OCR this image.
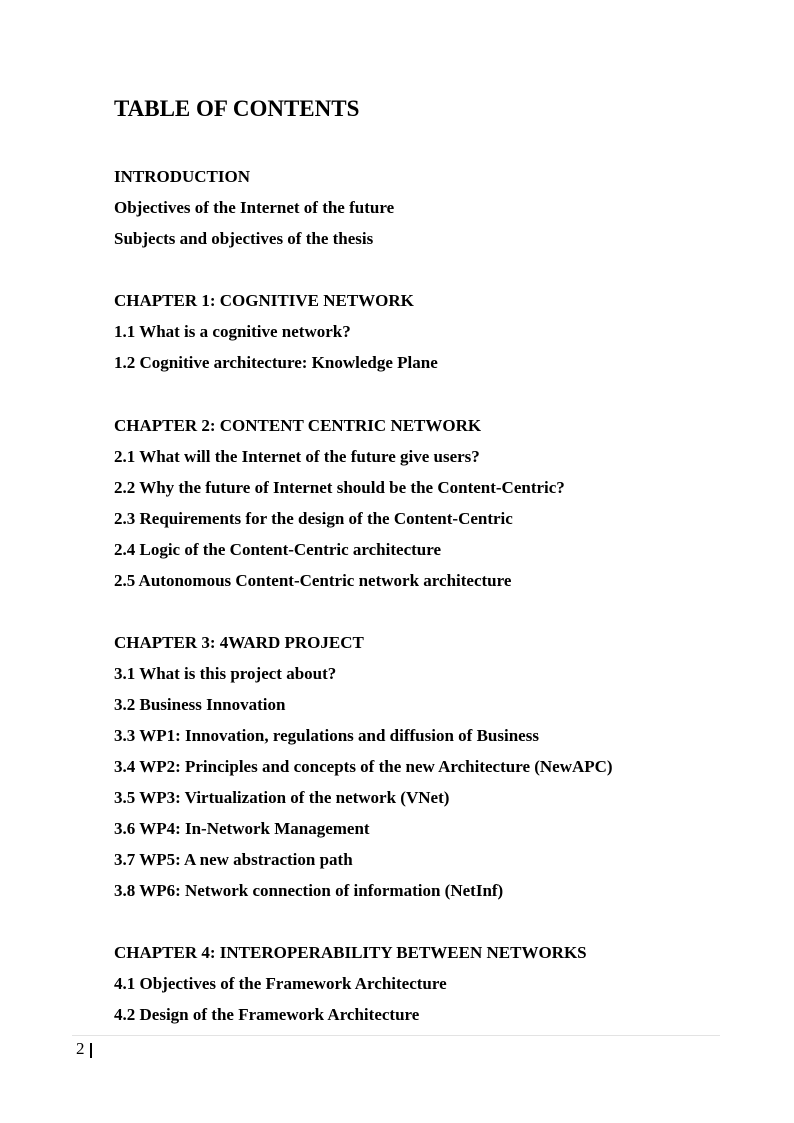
TABLE OF CONTENTS
INTRODUCTION
Objectives of the Internet of the future
Subjects and objectives of the thesis
CHAPTER 1: COGNITIVE NETWORK
1.1 What is a cognitive network?
1.2 Cognitive architecture: Knowledge Plane
CHAPTER 2: CONTENT CENTRIC NETWORK
2.1 What will the Internet of the future give users?
2.2 Why the future of Internet should be the Content-Centric?
2.3 Requirements for the design of the Content-Centric
2.4 Logic of the Content-Centric architecture
2.5 Autonomous Content-Centric network architecture
CHAPTER 3: 4WARD PROJECT
3.1 What is this project about?
3.2 Business Innovation
3.3 WP1: Innovation, regulations and diffusion of Business
3.4 WP2: Principles and concepts of the new Architecture (NewAPC)
3.5 WP3: Virtualization of the network (VNet)
3.6 WP4: In-Network Management
3.7 WP5: A new abstraction path
3.8 WP6: Network connection of information (NetInf)
CHAPTER 4: INTEROPERABILITY BETWEEN NETWORKS
4.1 Objectives of the Framework Architecture
4.2 Design of the Framework Architecture
2
